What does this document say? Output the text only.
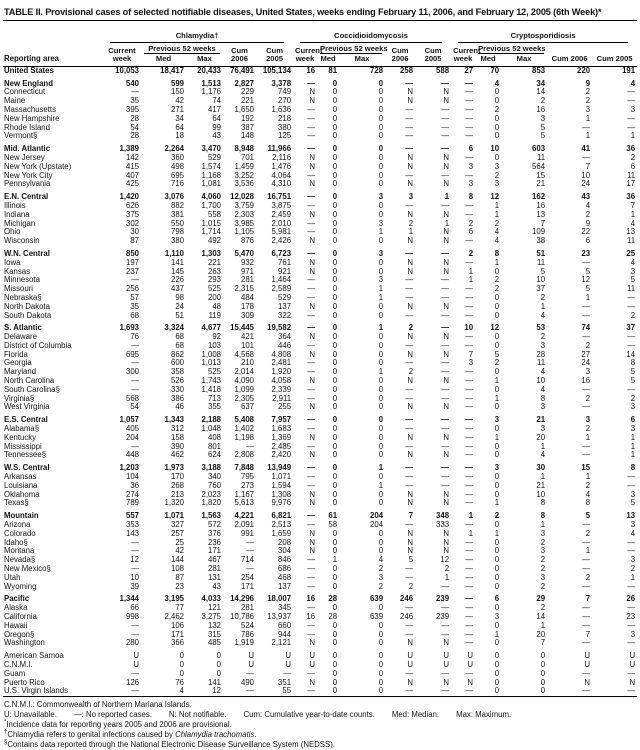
TABLE II. Provisional cases of selected notifiable diseases, United States, weeks ending February 11, 2006, and February 12, 2005 (6th Week)*
Reporting area	Chlamydia†					Coccidioidomycosis					Cryptosporidiosis				

	Current week	Previous 52 weeks		Cum 2006	Cum 2005	Current week	Previous 52 weeks		Cum 2006	Cum 2005	Current week	Previous 52 weeks		Cum 2006	Cum 2005
		Med	Max				Med	Max				Med	Max		
United States	10,053	18,417	20,433	76,491	105,134	16	81	728	258	588	27	70	853	220	191
New England	540	599	1,513	2,827	3,378	—	0	0	—	—	—	4	34	9	4
Connecticut	—	150	1,176	229	749	N	0	0	N	N	—	0	14	2	—
Maine	35	42	74	221	270	N	0	0	N	N	—	0	2	2	—
Massachusetts	395	271	417	1,650	1,636	—	0	0	—	—	—	2	16	3	3
New Hampshire	28	34	64	192	218	—	0	0	—	—	—	0	3	1	—
Rhode Island	54	64	99	387	380	—	0	0	—	—	—	0	5	—	—
Vermont§	28	18	43	148	125	—	0	0	—	—	—	0	5	1	1
Mid. Atlantic	1,389	2,264	3,470	8,948	11,966	—	0	0	—	—	6	10	603	41	36
New Jersey	142	360	529	701	2,116	N	0	0	N	N	—	0	11	—	2
New York (Upstate)	415	498	1,574	1,459	1,476	N	0	0	N	N	3	3	564	7	6
New York City	407	695	1,168	3,252	4,064	—	0	0	—	—	—	2	15	10	11
Pennsylvania	425	716	1,081	3,536	4,310	N	0	0	N	N	3	3	21	24	17
E.N. Central	1,420	3,076	4,060	12,028	16,751	—	0	3	3	1	8	12	162	43	36
Illinois	626	882	1,700	3,759	3,875	—	0	0	—	—	—	1	16	4	7
Indiana	375	381	558	2,303	2,459	N	0	0	N	N	—	1	13	2	1
Michigan	302	550	1,015	3,985	2,010	—	0	3	2	1	2	2	7	9	4
Ohio	30	798	1,714	1,105	5,981	—	0	1	1	N	6	4	109	22	13
Wisconsin	87	380	492	876	2,426	N	0	0	N	N	—	4	38	6	11
W.N. Central	850	1,110	1,303	5,470	6,723	—	0	3	—	—	2	8	51	23	25
Iowa	197	141	221	932	761	N	0	0	N	N	—	1	11	—	4
Kansas	237	145	263	971	921	N	0	0	N	N	1	0	5	5	3
Minnesota	—	226	293	281	1,464	—	0	3	—	—	1	2	10	12	5
Missouri	256	437	525	2,315	2,589	—	0	1	—	—	—	2	37	5	11
Nebraska§	57	98	200	484	529	—	0	1	—	—	—	0	2	1	—
North Dakota	35	24	48	178	137	N	0	0	N	N	—	0	1	—	—
South Dakota	68	51	119	309	322	—	0	0	—	—	—	0	4	—	2
S. Atlantic	1,693	3,324	4,677	15,445	19,582	—	0	1	2	—	10	12	53	74	37
Delaware	76	68	92	421	364	N	0	0	N	N	—	0	2	—	—
District of Columbia	—	68	103	101	446	—	0	0	—	—	—	0	3	2	—
Florida	695	862	1,008	4,568	4,808	N	0	0	N	N	7	5	28	27	14
Georgia	—	600	1,013	210	2,481	—	0	0	—	—	3	2	11	24	8
Maryland	300	358	525	2,014	1,920	—	0	1	2	—	—	0	4	3	5
North Carolina	—	526	1,743	4,090	4,058	N	0	0	N	N	—	1	10	16	5
South Carolina§	—	330	1,418	1,099	2,339	—	0	0	—	—	—	0	4	—	—
Virginia§	568	386	713	2,305	2,911	—	0	0	—	—	—	1	8	2	2
West Virginia	54	46	355	637	255	N	0	0	N	N	—	0	3	—	3
E.S. Central	1,057	1,343	2,188	5,408	7,957	—	0	0	—	—	—	3	21	3	6
Alabama§	405	312	1,048	1,402	1,683	—	0	0	—	—	—	0	3	2	3
Kentucky	204	158	408	1,198	1,369	N	0	0	N	N	—	1	20	1	1
Mississippi	—	390	801	—	2,485	—	0	0	—	—	—	0	1	—	1
Tennessee§	448	462	624	2,808	2,420	N	0	0	N	N	—	0	4	—	1
W.S. Central	1,203	1,973	3,188	7,848	13,949	—	0	1	—	—	—	3	30	15	8
Arkansas	104	170	340	795	1,071	—	0	0	—	—	—	0	1	1	—
Louisiana	36	268	760	273	1,594	—	0	1	—	—	—	0	21	2	—
Oklahoma	274	213	2,023	1,167	1,308	N	0	0	N	N	—	0	10	4	3
Texas§	789	1,320	1,820	5,613	9,976	N	0	0	N	N	—	1	8	8	5
Mountain	557	1,071	1,563	4,221	6,821	—	61	204	7	348	1	2	8	5	13
Arizona	353	327	572	2,091	2,513	—	58	204	—	333	—	0	1	—	3
Colorado	143	257	376	991	1,659	N	0	0	N	N	1	1	3	2	4
Idaho§	—	25	236	—	208	N	0	0	N	N	—	0	2	—	—
Montana	—	42	171	—	304	N	0	0	N	N	—	0	3	1	—
Nevada§	12	144	467	714	846	—	1	4	5	12	—	0	2	—	3
New Mexico§	—	108	281	—	686	—	0	2	—	2	—	0	2	—	2
Utah	10	87	131	254	468	—	0	3	—	1	—	0	3	2	1
Wyoming	39	23	43	171	137	—	0	2	2	—	—	0	2	—	—
Pacific	1,344	3,195	4,033	14,296	18,007	16	28	639	246	239	—	6	29	7	26
Alaska	66	77	121	281	345	—	0	0	—	—	—	0	2	—	—
California	998	2,462	3,275	10,786	13,937	16	28	639	246	239	—	3	14	—	23
Hawaii	—	106	132	524	660	—	0	0	—	—	—	0	1	—	—
Oregon§	—	171	315	786	944	—	0	0	—	—	—	1	20	7	3
Washington	280	366	485	1,919	2,121	N	0	0	N	N	—	0	7	—	—
American Samoa	U	0	0	U	U	U	0	0	U	U	U	0	0	U	U
C.N.M.I.	U	0	0	U	U	U	0	0	U	U	U	0	0	U	U
Guam	—	0	0	—	—	—	0	0	—	—	—	0	0	—	—
Puerto Rico	126	76	141	490	351	N	0	0	N	N	N	0	0	N	N
U.S. Virgin Islands	—	4	12	—	55	—	0	0	—	—	—	0	0	—	—
C.N.M.I.: Commonwealth of Northern Mariana Islands.
U: Unavailable. —: No reported cases. N: Not notifiable. Cum: Cumulative year-to-date counts. Med: Median. Max: Maximum.
*Incidence data for reporting years 2005 and 2006 are provisional.
†Chlamydia refers to genital infections caused by Chlamydia trachomatis.
§Contains data reported through the National Electronic Disease Surveillance System (NEDSS).
